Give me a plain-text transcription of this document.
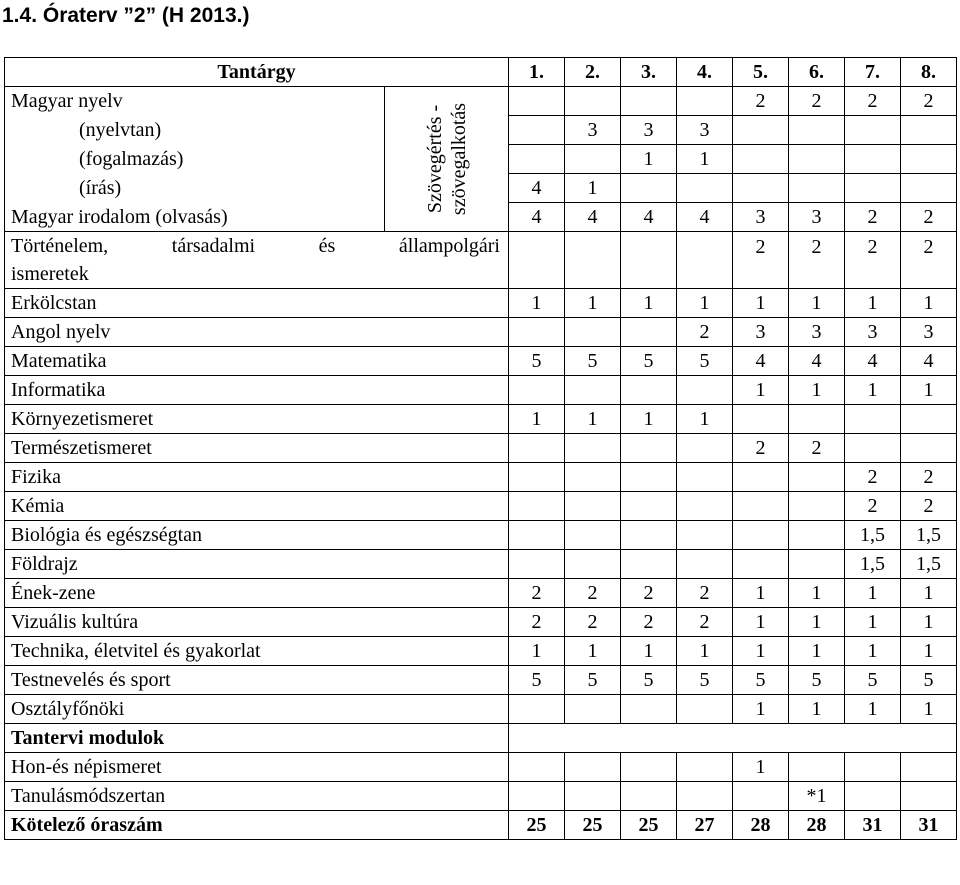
1.4. Óraterv ”2” (H 2013.)
Tantárgy		1.	2.	3.	4.	5.	6.	7.	8.
Magyar nyelv	Szövegértés - szövegalkotás					2	2	2	2
(nyelvtan)			3	3	3				
(fogalmazás)				1	1				
(írás)		4	1						
Magyar irodalom (olvasás)		4	4	4	4	3	3	2	2

Történelem, társadalmi és állampolgári
ismeretek						2	2	2	2
Erkölcstan		1	1	1	1	1	1	1	1
Angol nyelv					2	3	3	3	3
Matematika		5	5	5	5	4	4	4	4
Informatika						1	1	1	1
Környezetismeret		1	1	1	1				
Természetismeret						2	2		
Fizika								2	2
Kémia								2	2
Biológia és egészségtan								1,5	1,5
Földrajz								1,5	1,5
Ének-zene		2	2	2	2	1	1	1	1
Vizuális kultúra		2	2	2	2	1	1	1	1
Technika, életvitel és gyakorlat		1	1	1	1	1	1	1	1
Testnevelés és sport		5	5	5	5	5	5	5	5
Osztályfőnöki						1	1	1	1
Tantervi modulok									
Hon-és népismeret						1			
Tanulásmódszertan							*1		
Kötelező óraszám		25	25	25	27	28	28	31	31
